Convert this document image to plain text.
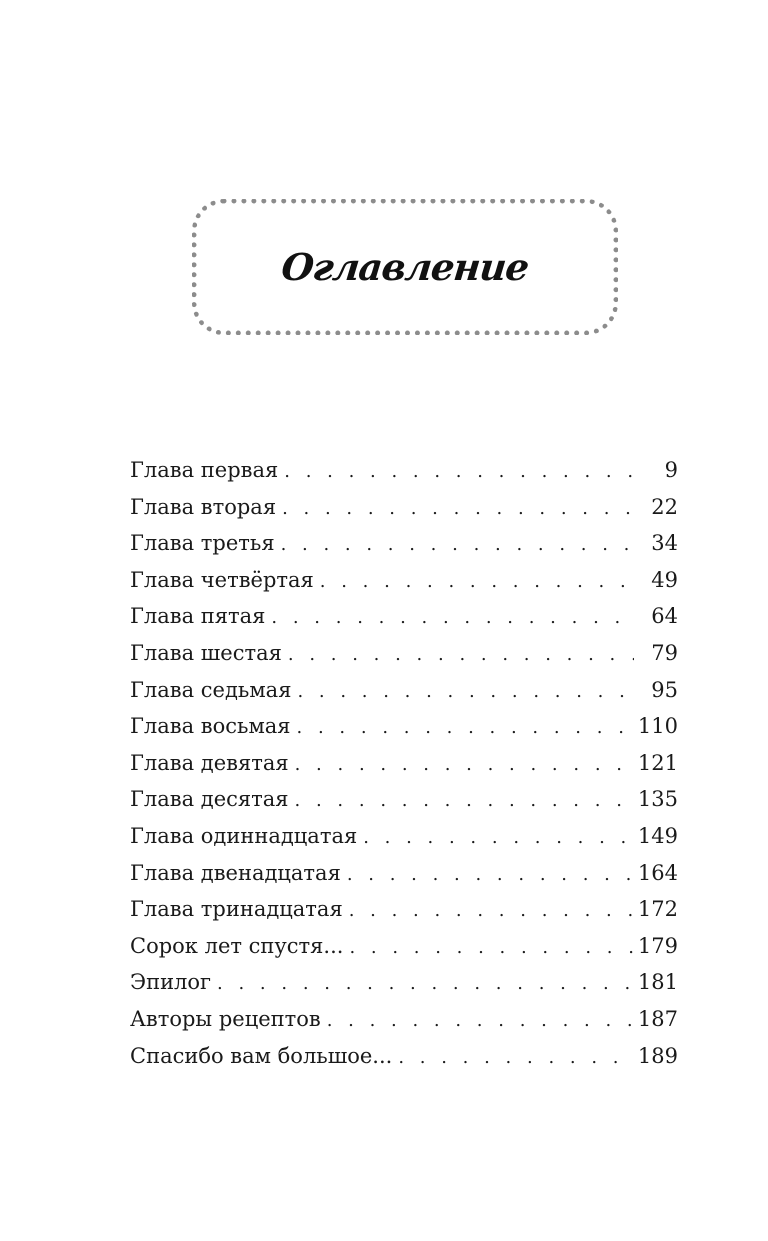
Оглавление
Глава первая . . .	9
Глава вторая . . .	22
Глава третья . . .	34
Глава четвёртая . . .	49
Глава пятая . . .	64
Глава шестая . . .	79
Глава седьмая . . .	95
Глава восьмая . . .	110
Глава девятая . . .	121
Глава десятая . . .	135
Глава одиннадцатая . . .	149
Глава двенадцатая . . .	164
Глава тринадцатая . . .	172
Сорок лет спустя... . . .	179
Эпилог . . .	181
Авторы рецептов . . .	187
Спасибо вам большое... . . .	189
